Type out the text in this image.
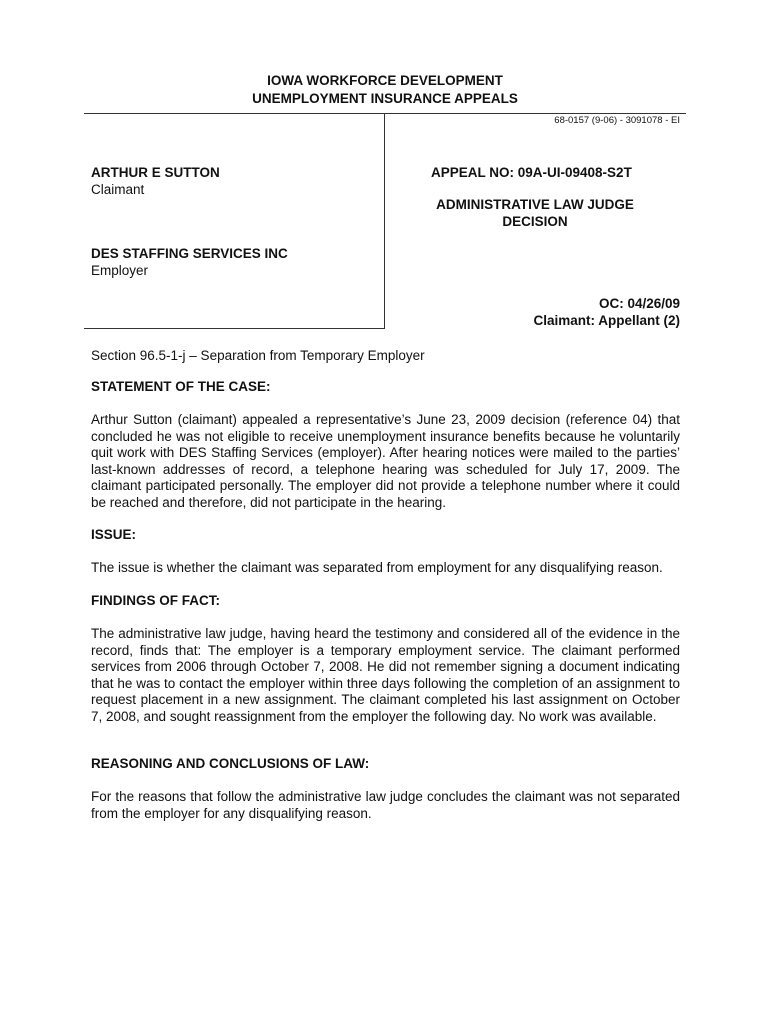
IOWA WORKFORCE DEVELOPMENT
UNEMPLOYMENT INSURANCE APPEALS
68-0157 (9-06) - 3091078 - EI
ARTHUR E SUTTON
Claimant
DES STAFFING SERVICES INC
Employer
APPEAL NO: 09A-UI-09408-S2T
ADMINISTRATIVE LAW JUDGE
DECISION
OC: 04/26/09
Claimant: Appellant (2)
Section 96.5-1-j – Separation from Temporary Employer
STATEMENT OF THE CASE:
Arthur Sutton (claimant) appealed a representative’s June 23, 2009 decision (reference 04) that concluded he was not eligible to receive unemployment insurance benefits because he voluntarily quit work with DES Staffing Services (employer). After hearing notices were mailed to the parties’ last-known addresses of record, a telephone hearing was scheduled for July 17, 2009. The claimant participated personally. The employer did not provide a telephone number where it could be reached and therefore, did not participate in the hearing.
ISSUE:
The issue is whether the claimant was separated from employment for any disqualifying reason.
FINDINGS OF FACT:
The administrative law judge, having heard the testimony and considered all of the evidence in the record, finds that: The employer is a temporary employment service. The claimant performed services from 2006 through October 7, 2008. He did not remember signing a document indicating that he was to contact the employer within three days following the completion of an assignment to request placement in a new assignment. The claimant completed his last assignment on October 7, 2008, and sought reassignment from the employer the following day. No work was available.
REASONING AND CONCLUSIONS OF LAW:
For the reasons that follow the administrative law judge concludes the claimant was not separated from the employer for any disqualifying reason.
